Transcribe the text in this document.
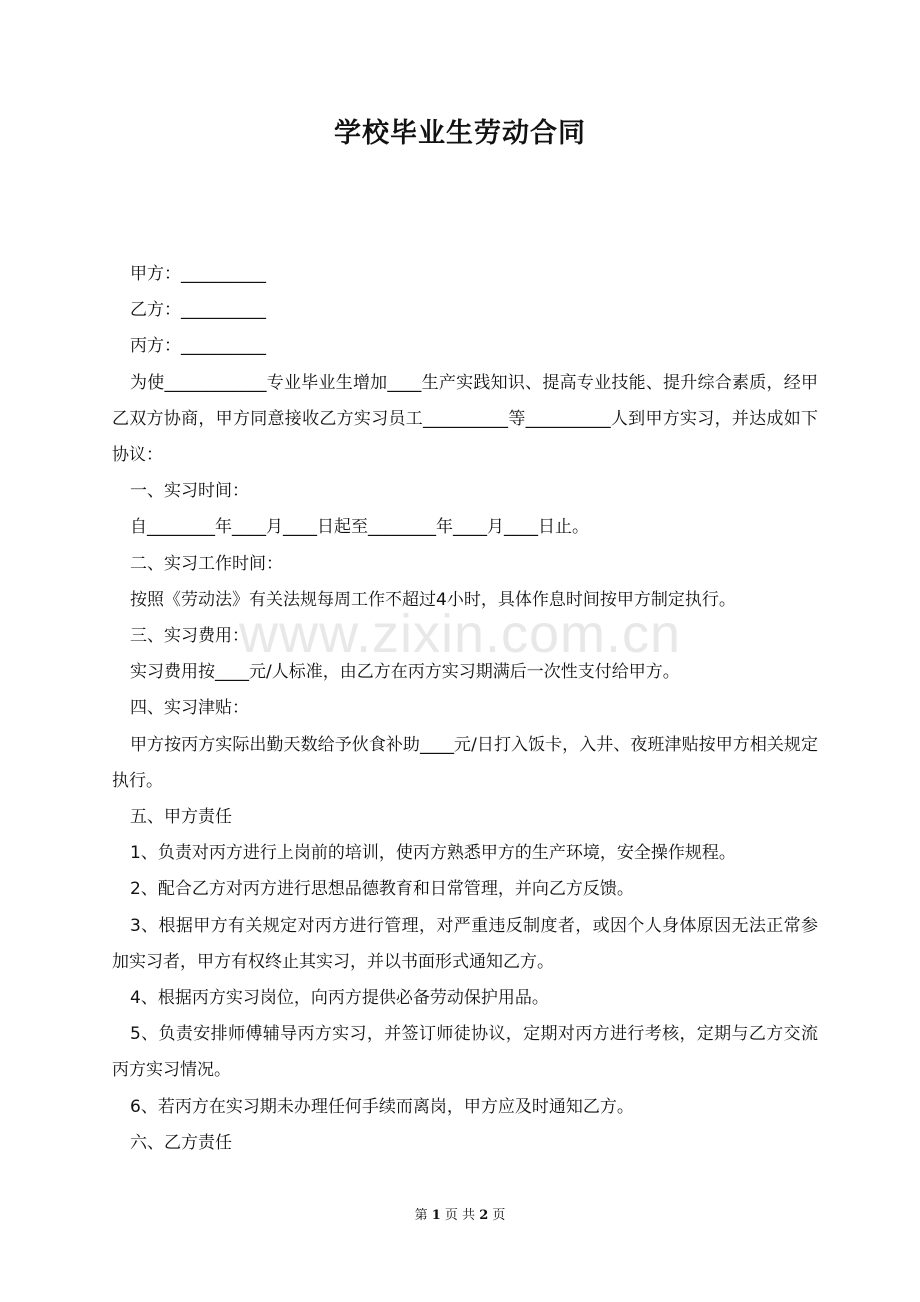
学校毕业生劳动合同

甲方：__________

乙方：__________

丙方：__________

为使____________专业毕业生增加____生产实践知识、提高专业技能、提升综合素质，经甲乙双方协商，甲方同意接收乙方实习员工__________等__________人到甲方实习，并达成如下协议：

一、实习时间：

自________年____月____日起至________年____月____日止。

二、实习工作时间：

按照《劳动法》有关法规每周工作不超过4小时，具体作息时间按甲方制定执行。

三、实习费用：

实习费用按____元/人标准，由乙方在丙方实习期满后一次性支付给甲方。

四、实习津贴：

甲方按丙方实际出勤天数给予伙食补助____元/日打入饭卡，入井、夜班津贴按甲方相关规定执行。

五、甲方责任

1、负责对丙方进行上岗前的培训，使丙方熟悉甲方的生产环境，安全操作规程。

2、配合乙方对丙方进行思想品德教育和日常管理，并向乙方反馈。

3、根据甲方有关规定对丙方进行管理，对严重违反制度者，或因个人身体原因无法正常参加实习者，甲方有权终止其实习，并以书面形式通知乙方。

4、根据丙方实习岗位，向丙方提供必备劳动保护用品。

5、负责安排师傅辅导丙方实习，并签订师徒协议，定期对丙方进行考核，定期与乙方交流丙方实习情况。

6、若丙方在实习期未办理任何手续而离岗，甲方应及时通知乙方。

六、乙方责任

www.zixin.com.cn
第 1 页 共 2 页
